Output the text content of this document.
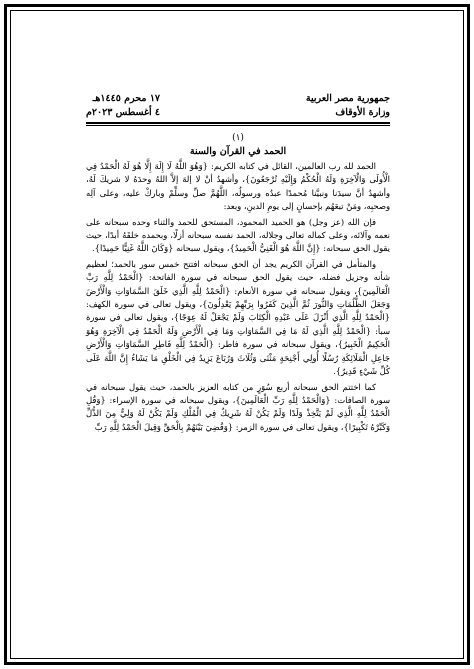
جمهورية مصر العربية
وزارة الأوقاف
١٧ محرم ١٤٤٥هـ
٤ أغسطس ٢٠٢٣م
(١)
الحمد في القرآن والسنة

الحمد لله رب العالمين، القائل في كتابه الكريم: {وَهُوَ اللَّهُ لَا إِلَهَ إِلَّا هُوَ لَهُ الْحَمْدُ فِي الْأُولَى وَالْآخِرَةِ وَلَهُ الْحُكْمُ وَإِلَيْهِ تُرْجَعُونَ}، وأشهدُ أنْ لا إلهَ إلاَّ اللهُ وحدَهُ لا شريكَ لَهُ، وأشهدُ أنَّ سيدَنا ونبيَّنا مُحمدًا عبدُه ورسولُه، اللَّهُمَّ صلِّ وسلِّمْ وباركْ عليه، وعلى آلِه وصحبِه، ومَنْ تبعَهُم بإحسانٍ إلى يومِ الدينِ، وبعد:

فإن الله (عز وجل) هو الحميد المحمود، المستحق للحمد والثناء وحده سبحانه على نعمه وآلائه، وعلى كماله تعالى وجلاله، الحمد نفسه سبحانه أزلًا، وبحمده خلقَهُ أبدًا، حيث يقول الحق سبحانه: {إِنَّ اللَّهَ هُوَ الْغَنِيُّ الْحَمِيدُ}، ويقول سبحانه {وَكَانَ اللَّهُ غَنِيًّا حَمِيدًا}.

والمتأمل في القرآن الكريم يجد أن الحق سبحانه افتتح خمس سور بالحمد؛ لعظيم شأنه وجزيل فضله، حيث يقول الحق سبحانه في سورة الفاتحة: {الْحَمْدُ لِلَّهِ رَبِّ الْعَالَمِينَ}، ويقول سبحانه في سورة الأنعام: {الْحَمْدُ لِلَّهِ الَّذِي خَلَقَ السَّمَاوَاتِ وَالْأَرْضَ وَجَعَلَ الظُّلُمَاتِ وَالنُّورَ ثُمَّ الَّذِينَ كَفَرُوا بِرَبِّهِمْ يَعْدِلُونَ}، ويقول تعالى في سورة الكهف: {الْحَمْدُ لِلَّهِ الَّذِي أَنْزَلَ عَلَى عَبْدِهِ الْكِتَابَ وَلَمْ يَجْعَلْ لَهُ عِوَجًا}، ويقول تعالى في سورة سبأ: {الْحَمْدُ لِلَّهِ الَّذِي لَهُ مَا فِي السَّمَاوَاتِ وَمَا فِي الْأَرْضِ وَلَهُ الْحَمْدُ فِي الْآخِرَةِ وَهُوَ الْحَكِيمُ الْخَبِيرُ}، ويقول سبحانه في سورة فاطر: {الْحَمْدُ لِلَّهِ فَاطِرِ السَّمَاوَاتِ وَالْأَرْضِ جَاعِلِ الْمَلَائِكَةِ رُسُلًا أُولِي أَجْنِحَةٍ مَثْنَى وَثُلَاثَ وَرُبَاعَ يَزِيدُ فِي الْخَلْقِ مَا يَشَاءُ إِنَّ اللَّهَ عَلَى كُلِّ شَيْءٍ قَدِيرٌ}.

كما اختتم الحق سبحانه أربع سُوَرٍ من كتابه العزيز بالحمد، حيث يقول سبحانه في سورة الصافات: {وَالْحَمْدُ لِلَّهِ رَبِّ الْعَالَمِينَ}، ويقول سبحانه في سورة الإسراء: {وَقُلِ الْحَمْدُ لِلَّهِ الَّذِي لَمْ يَتَّخِذْ وَلَدًا وَلَمْ يَكُنْ لَهُ شَرِيكٌ فِي الْمُلْكِ وَلَمْ يَكُنْ لَهُ وَلِيٌّ مِنَ الذُّلِّ وَكَبِّرْهُ تَكْبِيرًا}، ويقول تعالى في سورة الزمر: {وَقُضِيَ بَيْنَهُمْ بِالْحَقِّ وَقِيلَ الْحَمْدُ لِلَّهِ رَبِّ
